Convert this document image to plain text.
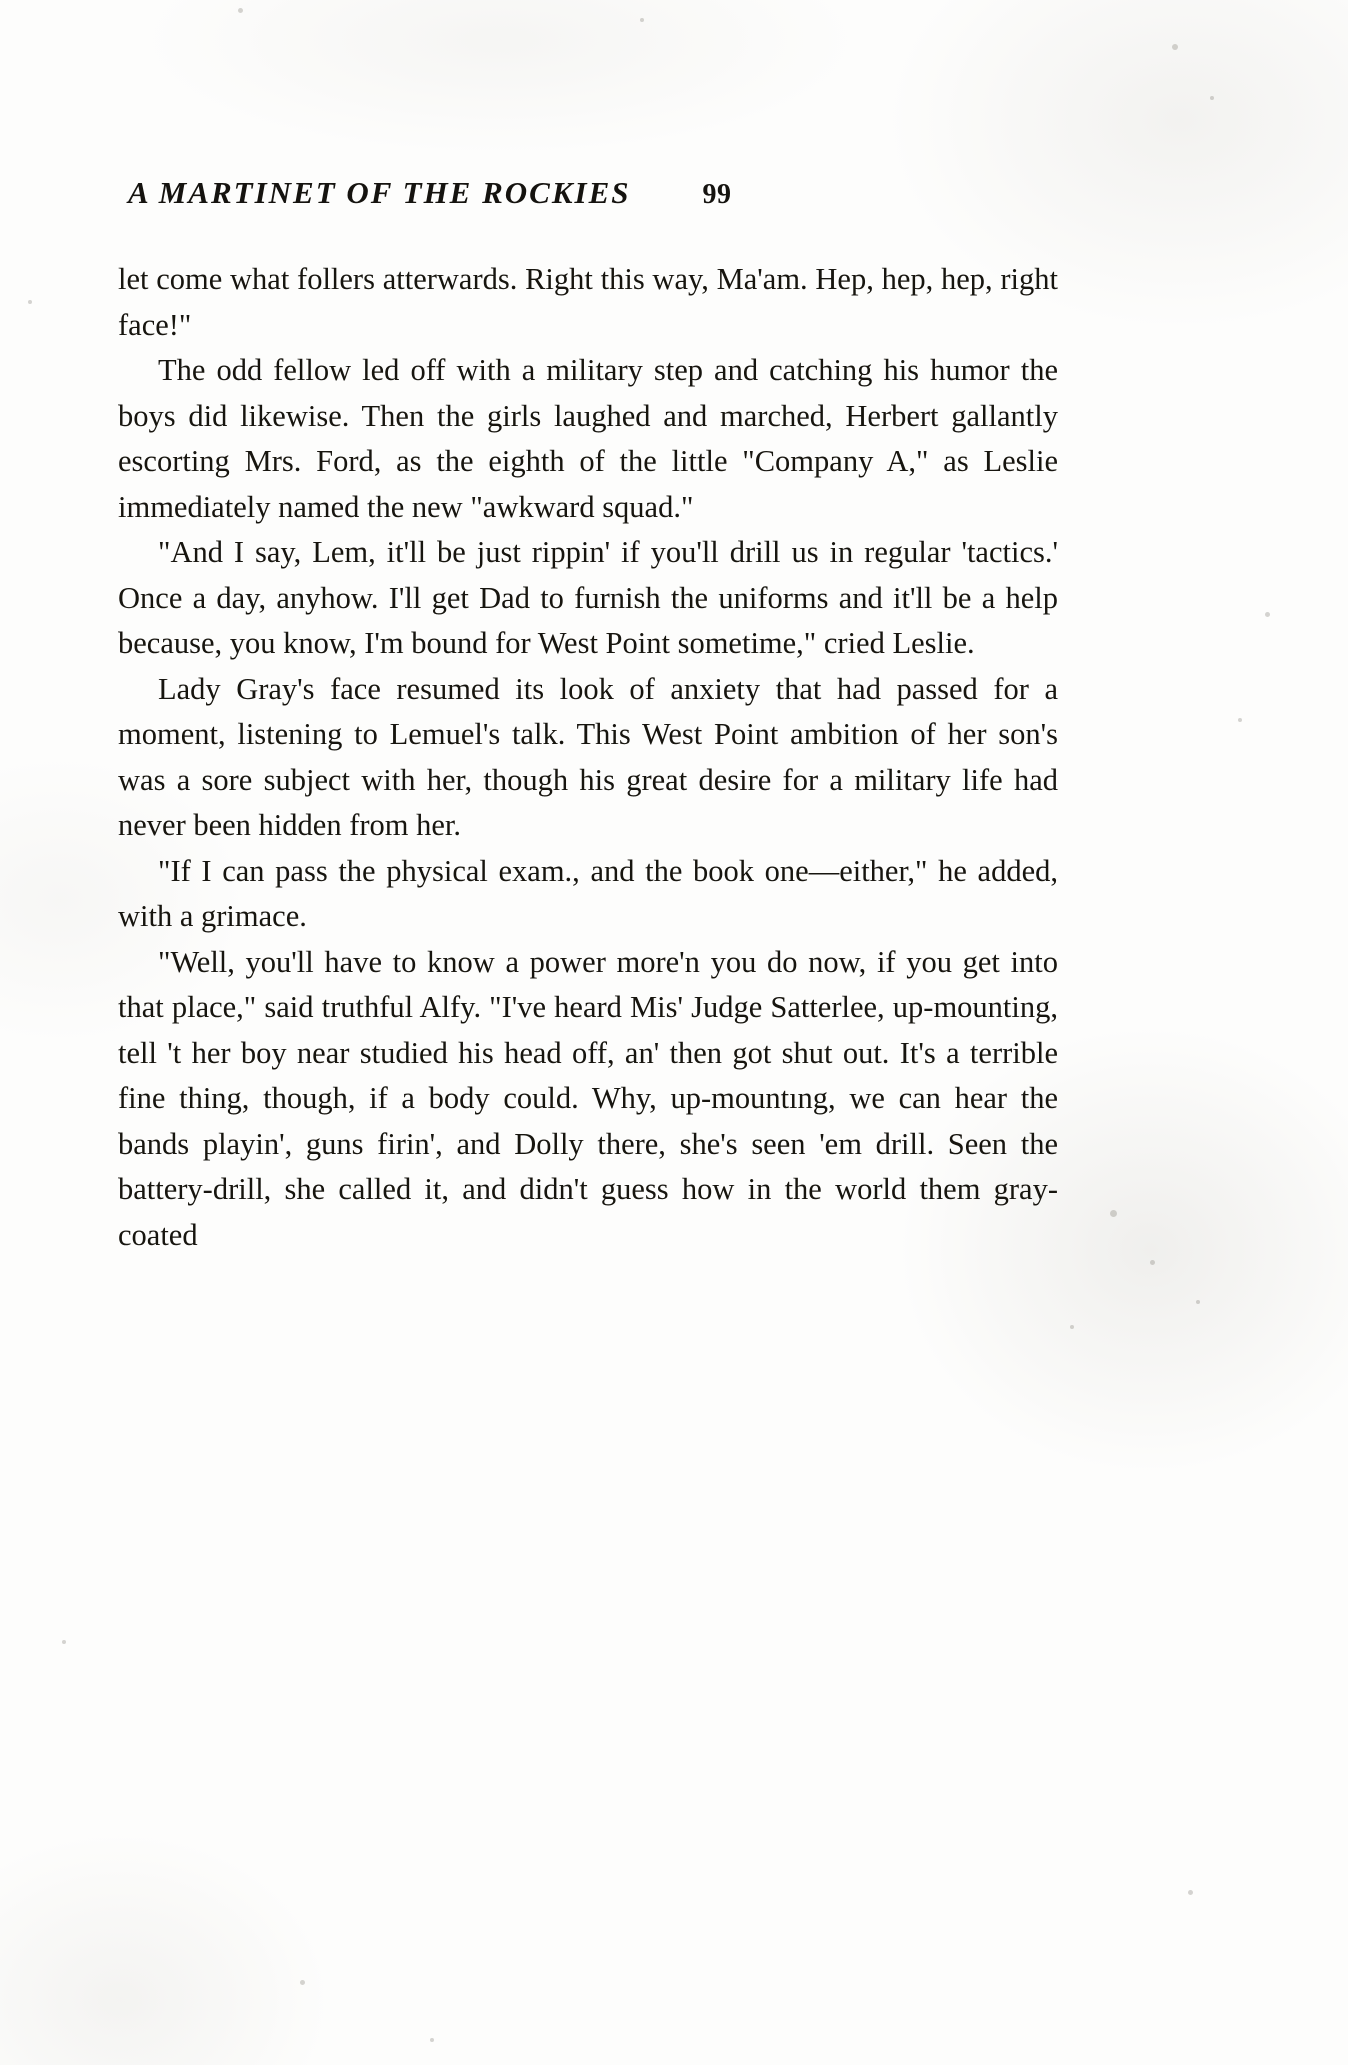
A MARTINET OF THE ROCKIES	99

let come what follers atterwards. Right this way, Ma'am. Hep, hep, hep, right face!"

The odd fellow led off with a military step and catching his humor the boys did likewise. Then the girls laughed and marched, Herbert gallantly escorting Mrs. Ford, as the eighth of the little "Company A," as Leslie immediately named the new "awkward squad."

"And I say, Lem, it'll be just rippin' if you'll drill us in regular 'tactics.' Once a day, anyhow. I'll get Dad to furnish the uniforms and it'll be a help because, you know, I'm bound for West Point sometime," cried Leslie.

Lady Gray's face resumed its look of anxiety that had passed for a moment, listening to Lemuel's talk. This West Point ambition of her son's was a sore subject with her, though his great desire for a military life had never been hidden from her.

"If I can pass the physical exam., and the book one—either," he added, with a grimace.

"Well, you'll have to know a power more'n you do now, if you get into that place," said truthful Alfy. "I've heard Mis' Judge Satterlee, up-mounting, tell 't her boy near studied his head off, an' then got shut out. It's a terrible fine thing, though, if a body could. Why, up-mountıng, we can hear the bands playin', guns firin', and Dolly there, she's seen 'em drill. Seen the battery-drill, she called it, and didn't guess how in the world them gray-coated
